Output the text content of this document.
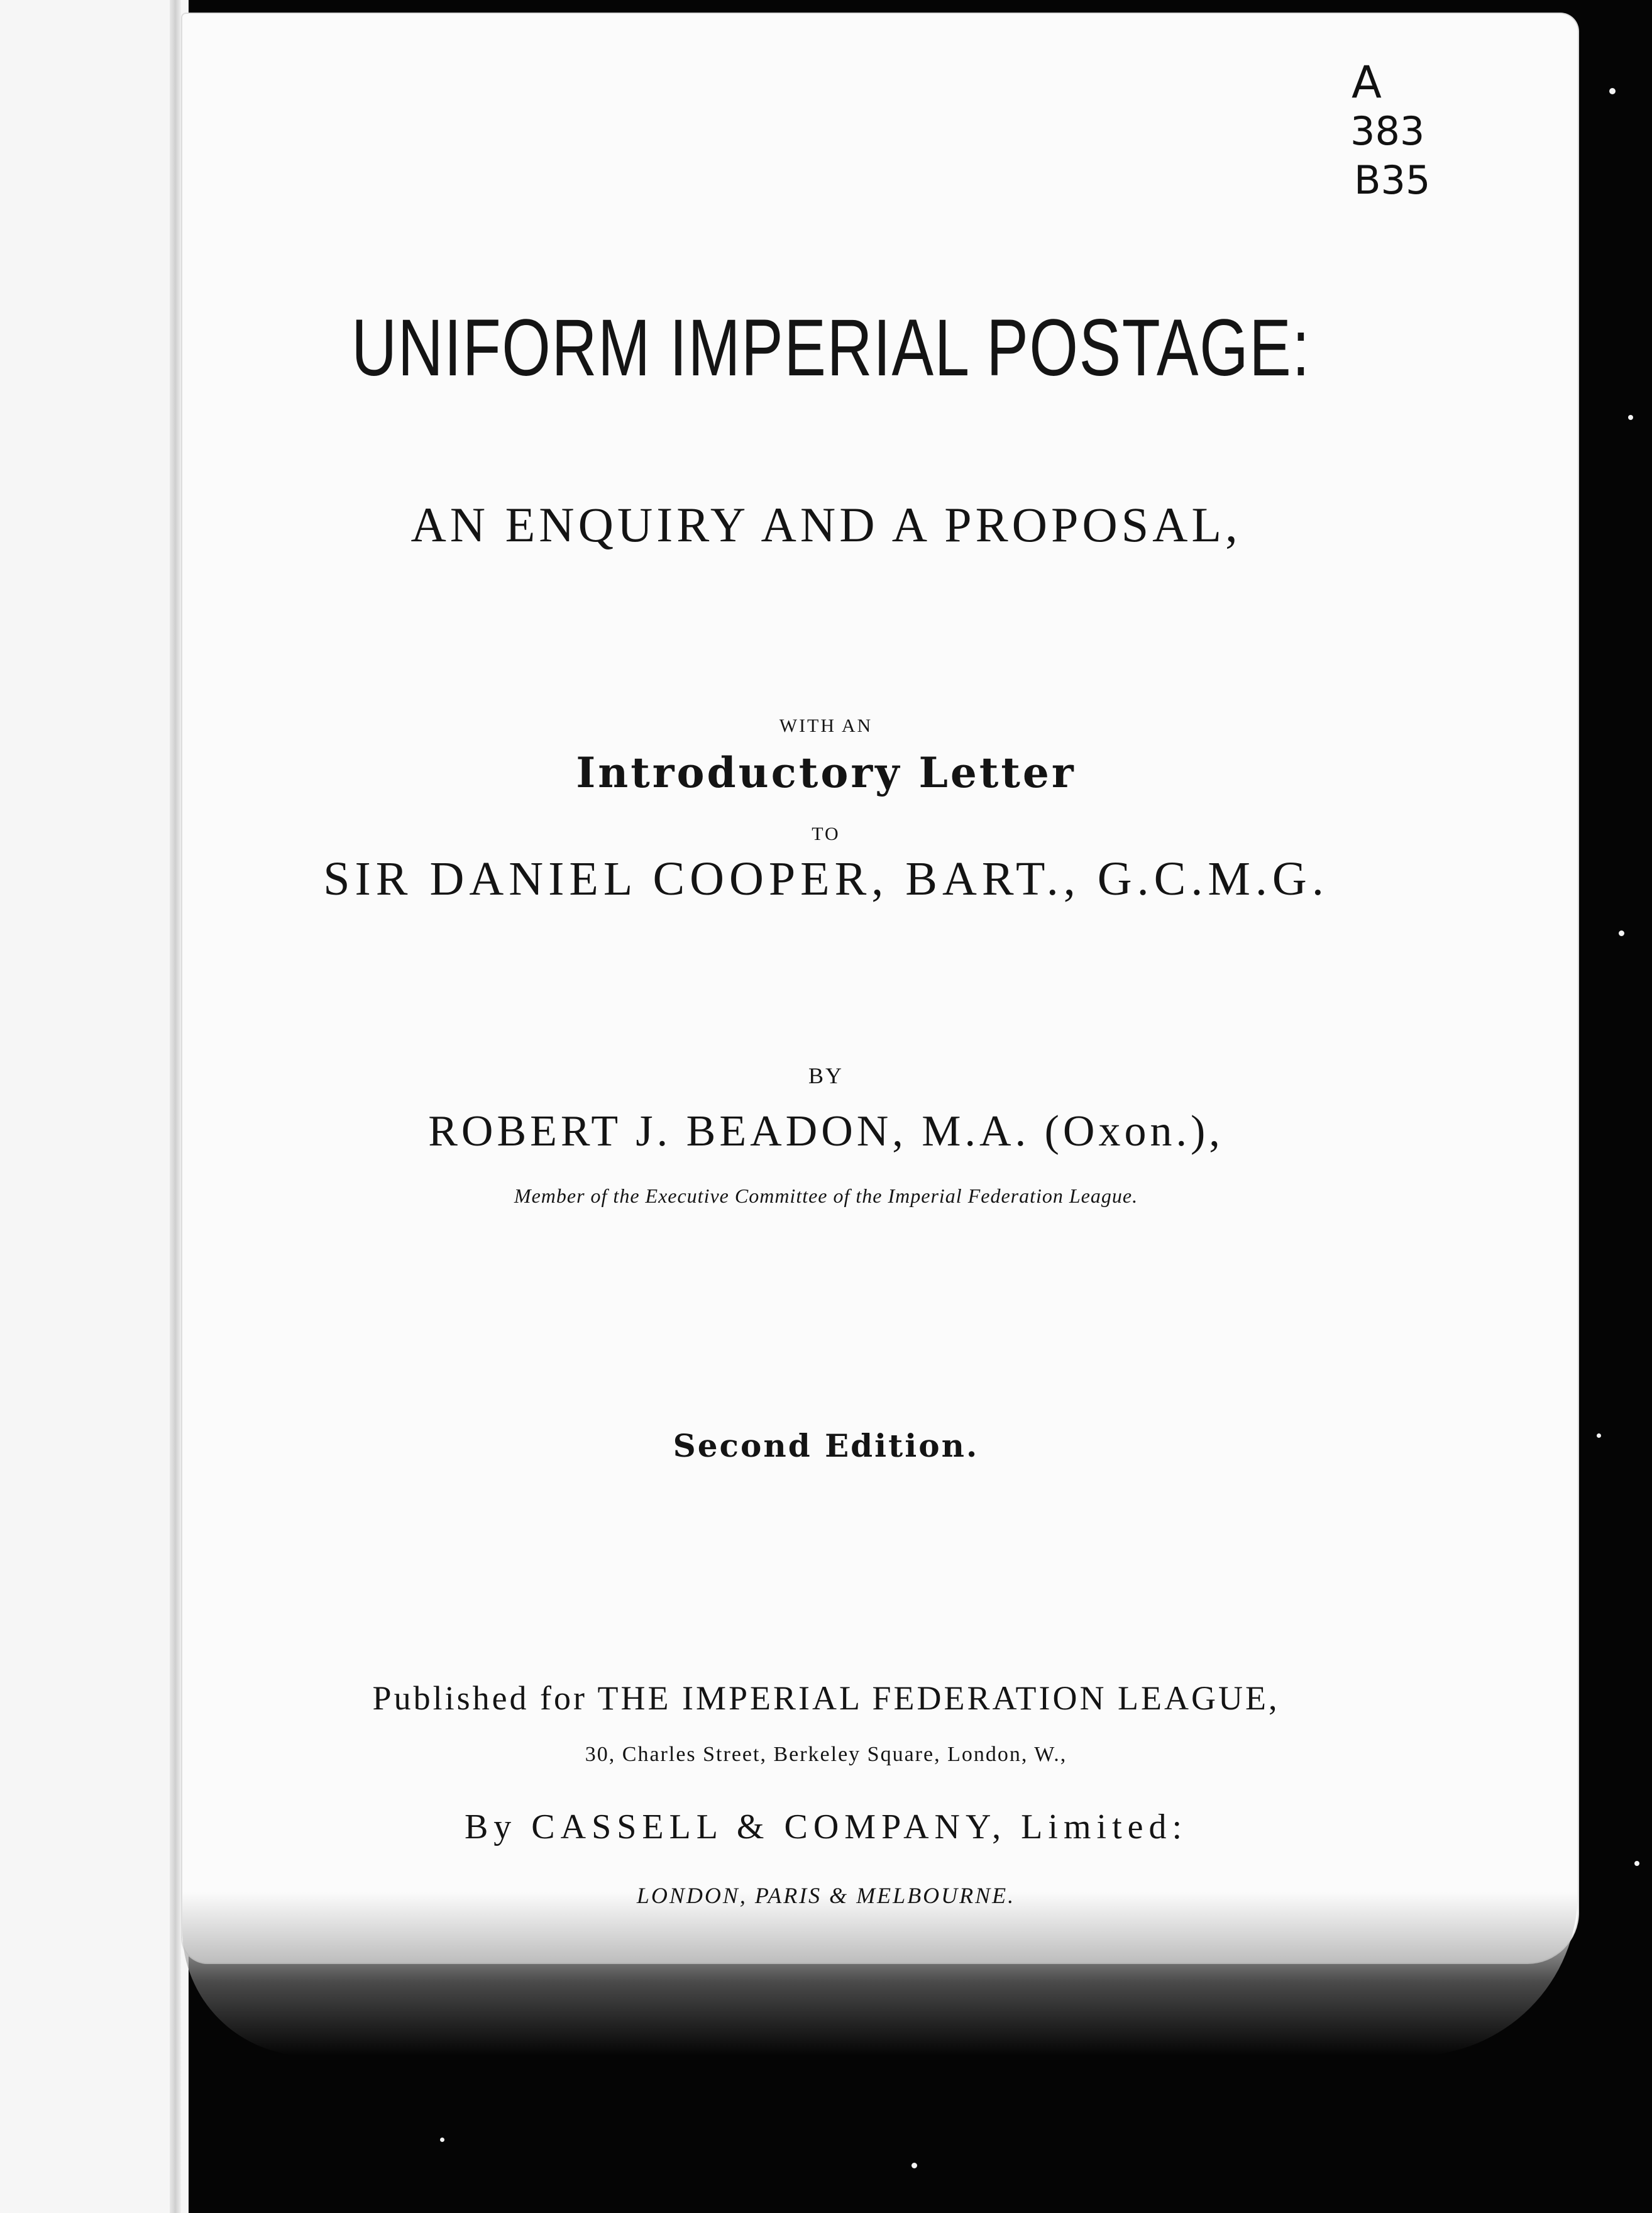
A
383
B35
UNIFORM IMPERIAL POSTAGE:
AN ENQUIRY AND A PROPOSAL,
WITH AN
Introductory Letter
TO
SIR DANIEL COOPER, BART., G.C.M.G.
BY
ROBERT J. BEADON, M.A. (Oxon.),
Member of the Executive Committee of the Imperial Federation League.
Second Edition.
Published for THE IMPERIAL FEDERATION LEAGUE,
30, Charles Street, Berkeley Square, London, W.,
By CASSELL & COMPANY, Limited:
LONDON, PARIS & MELBOURNE.
